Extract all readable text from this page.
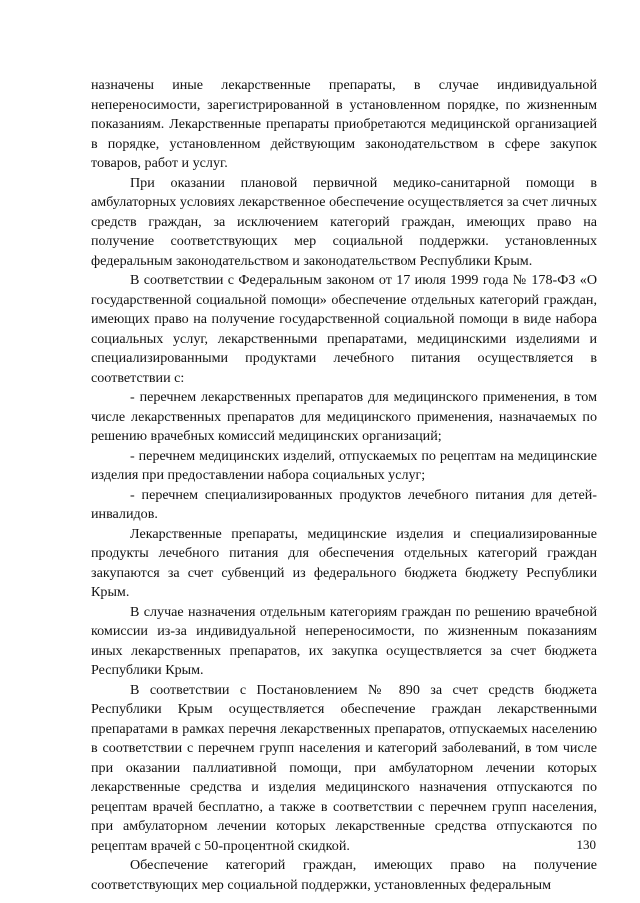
назначены иные лекарственные препараты, в случае индивидуальной непереносимости, зарегистрированной в установленном порядке, по жизненным показаниям. Лекарственные препараты приобретаются медицинской организацией в порядке, установленном действующим законодательством в сфере закупок товаров, работ и услуг.

При оказании плановой первичной медико-санитарной помощи в амбулаторных условиях лекарственное обеспечение осуществляется за счет личных средств граждан, за исключением категорий граждан, имеющих право на получение соответствующих мер социальной поддержки. установленных федеральным законодательством и законодательством Республики Крым.

В соответствии с Федеральным законом от 17 июля 1999 года № 178-ФЗ «О государственной социальной помощи» обеспечение отдельных категорий граждан, имеющих право на получение государственной социальной помощи в виде набора социальных услуг, лекарственными препаратами, медицинскими изделиями и специализированными продуктами лечебного питания осуществляется в соответствии с:

- перечнем лекарственных препаратов для медицинского применения, в том числе лекарственных препаратов для медицинского применения, назначаемых по решению врачебных комиссий медицинских организаций;

- перечнем медицинских изделий, отпускаемых по рецептам на медицинские изделия при предоставлении набора социальных услуг;

- перечнем специализированных продуктов лечебного питания для детей-инвалидов.

Лекарственные препараты, медицинские изделия и специализированные продукты лечебного питания для обеспечения отдельных категорий граждан закупаются за счет субвенций из федерального бюджета бюджету Республики Крым.

В случае назначения отдельным категориям граждан по решению врачебной комиссии из-за индивидуальной непереносимости, по жизненным показаниям иных лекарственных препаратов, их закупка осуществляется за счет бюджета Республики Крым.

В соответствии с Постановлением № 890 за счет средств бюджета Республики Крым осуществляется обеспечение граждан лекарственными препаратами в рамках перечня лекарственных препаратов, отпускаемых населению в соответствии с перечнем групп населения и категорий заболеваний, в том числе при оказании паллиативной помощи, при амбулаторном лечении которых лекарственные средства и изделия медицинского назначения отпускаются по рецептам врачей бесплатно, а также в соответствии с перечнем групп населения, при амбулаторном лечении которых лекарственные средства отпускаются по рецептам врачей с 50-процентной скидкой.

Обеспечение категорий граждан, имеющих право на получение соответствующих мер социальной поддержки, установленных федеральным

130
